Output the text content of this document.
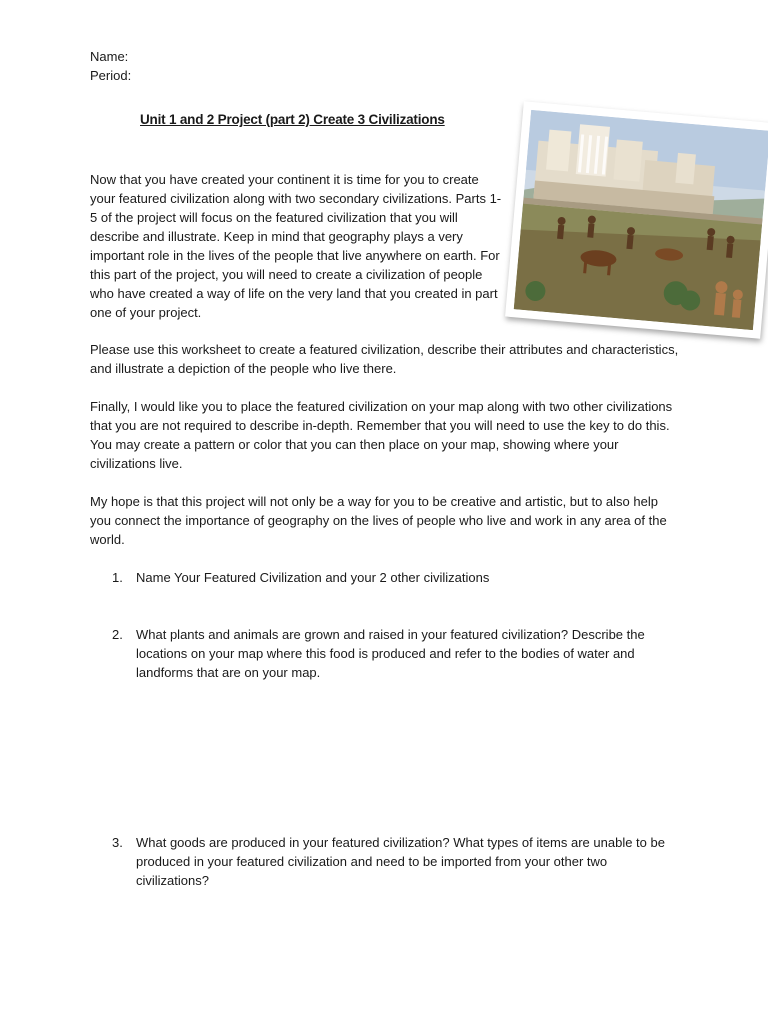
Name:
Period:
Unit 1 and 2 Project (part 2) Create 3 Civilizations

Now that you have created your continent it is time for you to create your featured civilization along with two secondary civilizations. Parts 1-5 of the project will focus on the featured civilization that you will describe and illustrate. Keep in mind that geography plays a very important role in the lives of the people that live anywhere on earth. For this part of the project, you will need to create a civilization of people who have created a way of life on the very land that you created in part one of your project.

Please use this worksheet to create a featured civilization, describe their attributes and characteristics, and illustrate a depiction of the people who live there.

Finally, I would like you to place the featured civilization on your map along with two other civilizations that you are not required to describe in-depth. Remember that you will need to use the key to do this. You may create a pattern or color that you can then place on your map, showing where your civilizations live.

My hope is that this project will not only be a way for you to be creative and artistic, but to also help you connect the importance of geography on the lives of people who live and work in any area of the world.

1. Name Your Featured Civilization and your 2 other civilizations
2. What plants and animals are grown and raised in your featured civilization? Describe the locations on your map where this food is produced and refer to the bodies of water and landforms that are on your map.
3. What goods are produced in your featured civilization? What types of items are unable to be produced in your featured civilization and need to be imported from your other two civilizations?
